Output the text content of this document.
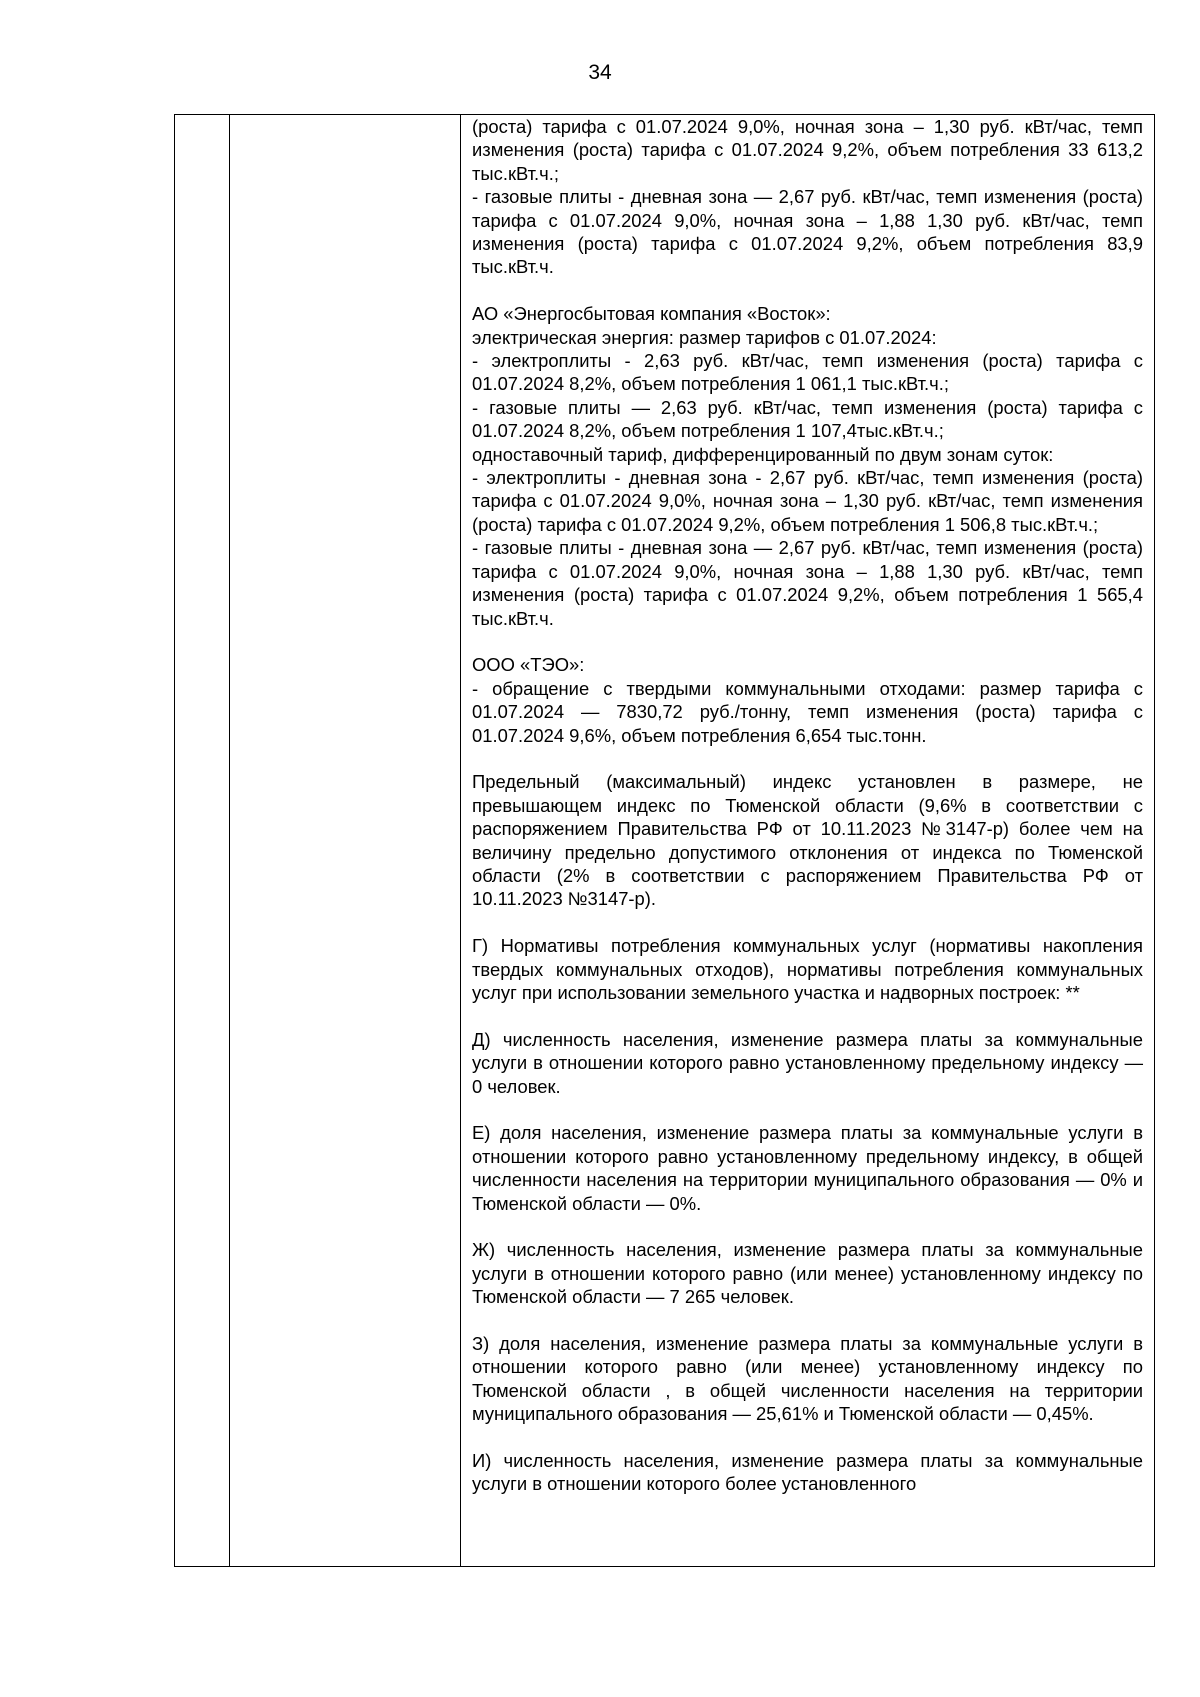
34

(роста) тарифа с 01.07.2024 9,0%, ночная зона – 1,30 руб. кВт/час, темп изменения (роста) тарифа с 01.07.2024 9,2%, объем потребления 33 613,2 тыс.кВт.ч.;

- газовые плиты - дневная зона — 2,67 руб. кВт/час, темп изменения (роста) тарифа с 01.07.2024 9,0%, ночная зона – 1,88 1,30 руб. кВт/час, темп изменения (роста) тарифа с 01.07.2024 9,2%, объем потребления 83,9 тыс.кВт.ч.

АО «Энергосбытовая компания «Восток»:

электрическая энергия: размер тарифов с 01.07.2024:

- электроплиты - 2,63 руб. кВт/час, темп изменения (роста) тарифа с 01.07.2024 8,2%, объем потребления 1 061,1 тыс.кВт.ч.;

- газовые плиты — 2,63 руб. кВт/час, темп изменения (роста) тарифа с 01.07.2024 8,2%, объем потребления 1 107,4тыс.кВт.ч.;

одноставочный тариф, дифференцированный по двум зонам суток:

- электроплиты - дневная зона - 2,67 руб. кВт/час, темп изменения (роста) тарифа с 01.07.2024 9,0%, ночная зона – 1,30 руб. кВт/час, темп изменения (роста) тарифа с 01.07.2024 9,2%, объем потребления 1 506,8 тыс.кВт.ч.;

- газовые плиты - дневная зона — 2,67 руб. кВт/час, темп изменения (роста) тарифа с 01.07.2024 9,0%, ночная зона – 1,88 1,30 руб. кВт/час, темп изменения (роста) тарифа с 01.07.2024 9,2%, объем потребления 1 565,4 тыс.кВт.ч.

ООО «ТЭО»:

- обращение с твердыми коммунальными отходами: размер тарифа с 01.07.2024 — 7830,72 руб./тонну, темп изменения (роста) тарифа с 01.07.2024 9,6%, объем потребления 6,654 тыс.тонн.

Предельный (максимальный) индекс установлен в размере, не превышающем индекс по Тюменской области (9,6% в соответствии с распоряжением Правительства РФ от 10.11.2023 №3147-р) более чем на величину предельно допустимого отклонения от индекса по Тюменской области (2% в соответствии с распоряжением Правительства РФ от 10.11.2023 №3147-р).

Г) Нормативы потребления коммунальных услуг (нормативы накопления твердых коммунальных отходов), нормативы потребления коммунальных услуг при использовании земельного участка и надворных построек: **

Д) численность населения, изменение размера платы за коммунальные услуги в отношении которого равно установленному предельному индексу — 0 человек.

Е) доля населения, изменение размера платы за коммунальные услуги в отношении которого равно установленному предельному индексу, в общей численности населения на территории муниципального образования — 0% и Тюменской области — 0%.

Ж) численность населения, изменение размера платы за коммунальные услуги в отношении которого равно (или менее) установленному индексу по Тюменской области — 7 265 человек.

З) доля населения, изменение размера платы за коммунальные услуги в отношении которого равно (или менее) установленному индексу по Тюменской области , в общей численности населения на территории муниципального образования — 25,61% и Тюменской области — 0,45%.

И) численность населения, изменение размера платы за коммунальные услуги в отношении которого более установленного
